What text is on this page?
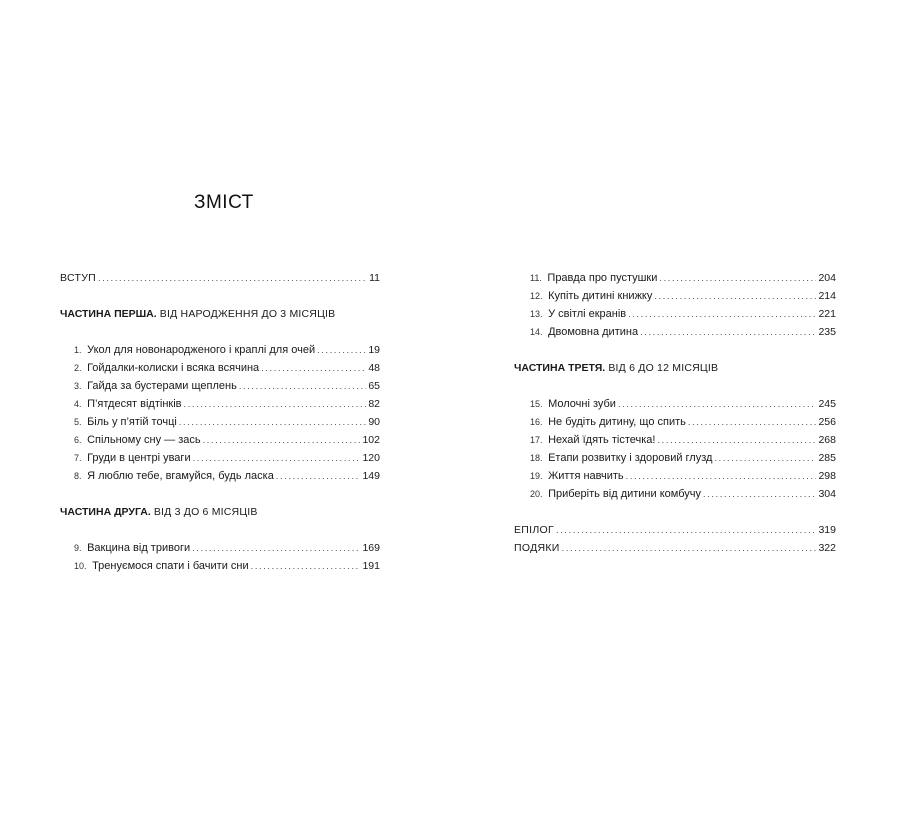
ЗМІСТ
ВСТУП . . .	11
ЧАСТИНА ПЕРША. ВІД НАРОДЖЕННЯ ДО 3 МІСЯЦІВ
1.  Укол для новонародженого і краплі для очей . . .	19
2.  Гойдалки-колиски і всяка всячина . . .	48
3.  Гайда за бустерами щеплень . . .	65
4.  П’ятдесят відтінків . . .	82
5.  Біль у п’ятій точці . . .	90
6.  Спільному сну — зась . . .	102
7.  Груди в центрі уваги . . .	120
8.  Я люблю тебе, вгамуйся, будь ласка . . .	149
ЧАСТИНА ДРУГА. ВІД 3 ДО 6 МІСЯЦІВ
9.  Вакцина від тривоги . . .	169
10.  Тренуємося спати і бачити сни . . .	191
11.  Правда про пустушки . . .	204
12.  Купіть дитині книжку . . .	214
13.  У світлі екранів . . .	221
14.  Двомовна дитина . . .	235
ЧАСТИНА ТРЕТЯ. ВІД 6 ДО 12 МІСЯЦІВ
15.  Молочні зуби . . .	245
16.  Не будіть дитину, що спить . . .	256
17.  Нехай їдять тістечка! . . .	268
18.  Етапи розвитку і здоровий глузд . . .	285
19.  Життя навчить . . .	298
20.  Приберіть від дитини комбучу . . .	304
ЕПІЛОГ . . .	319
ПОДЯКИ . . .	322
